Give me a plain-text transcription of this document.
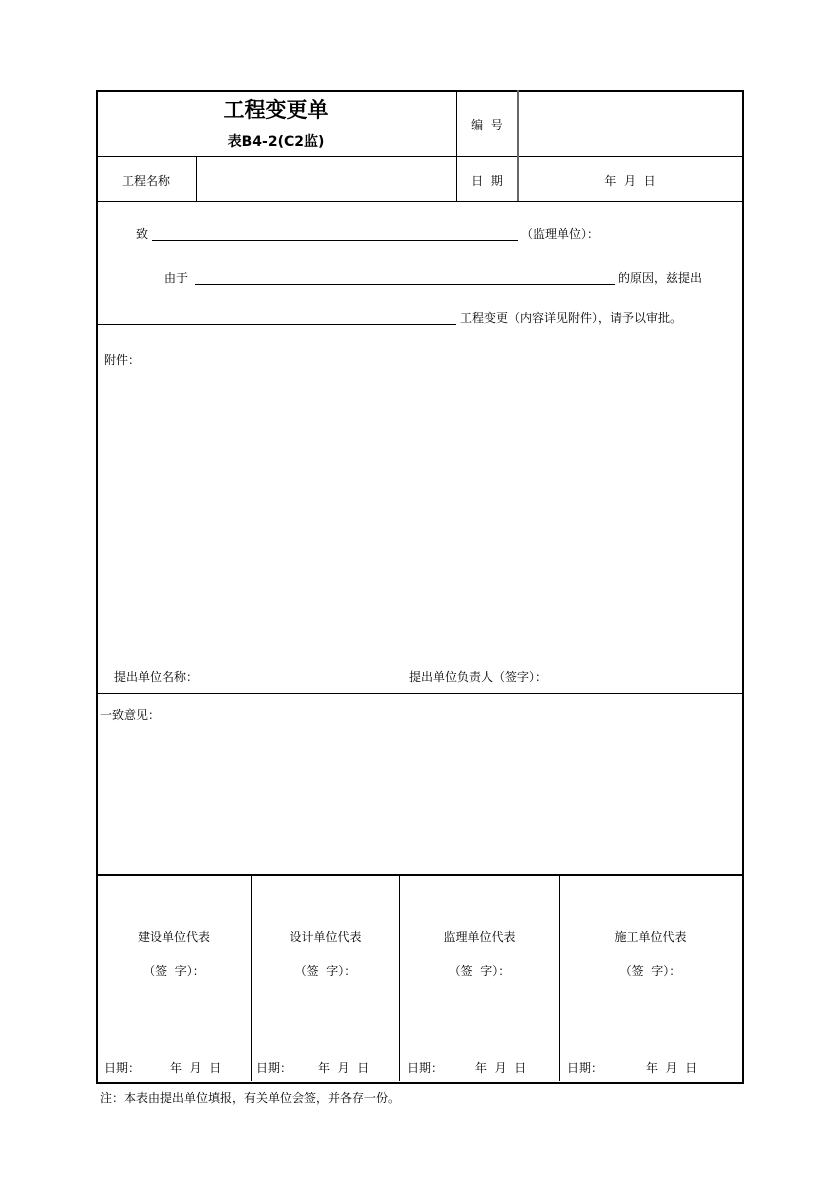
工程变更单
表B4-2(C2监)
编  号
工程名称	日  期	年  月  日
致	（监理单位）：
由于	的原因，兹提出
工程变更（内容详见附件），请予以审批。
附件：
提出单位名称：	提出单位负责人（签字）：
一致意见：
建设单位代表
（签  字）：
日期： 年  月  日
设计单位代表
（签  字）：
日期： 年  月  日
监理单位代表
（签  字）：
日期：	年  月  日
施工单位代表
（签  字）：
日期：	年  月  日
注：本表由提出单位填报，有关单位会签，并各存一份。
